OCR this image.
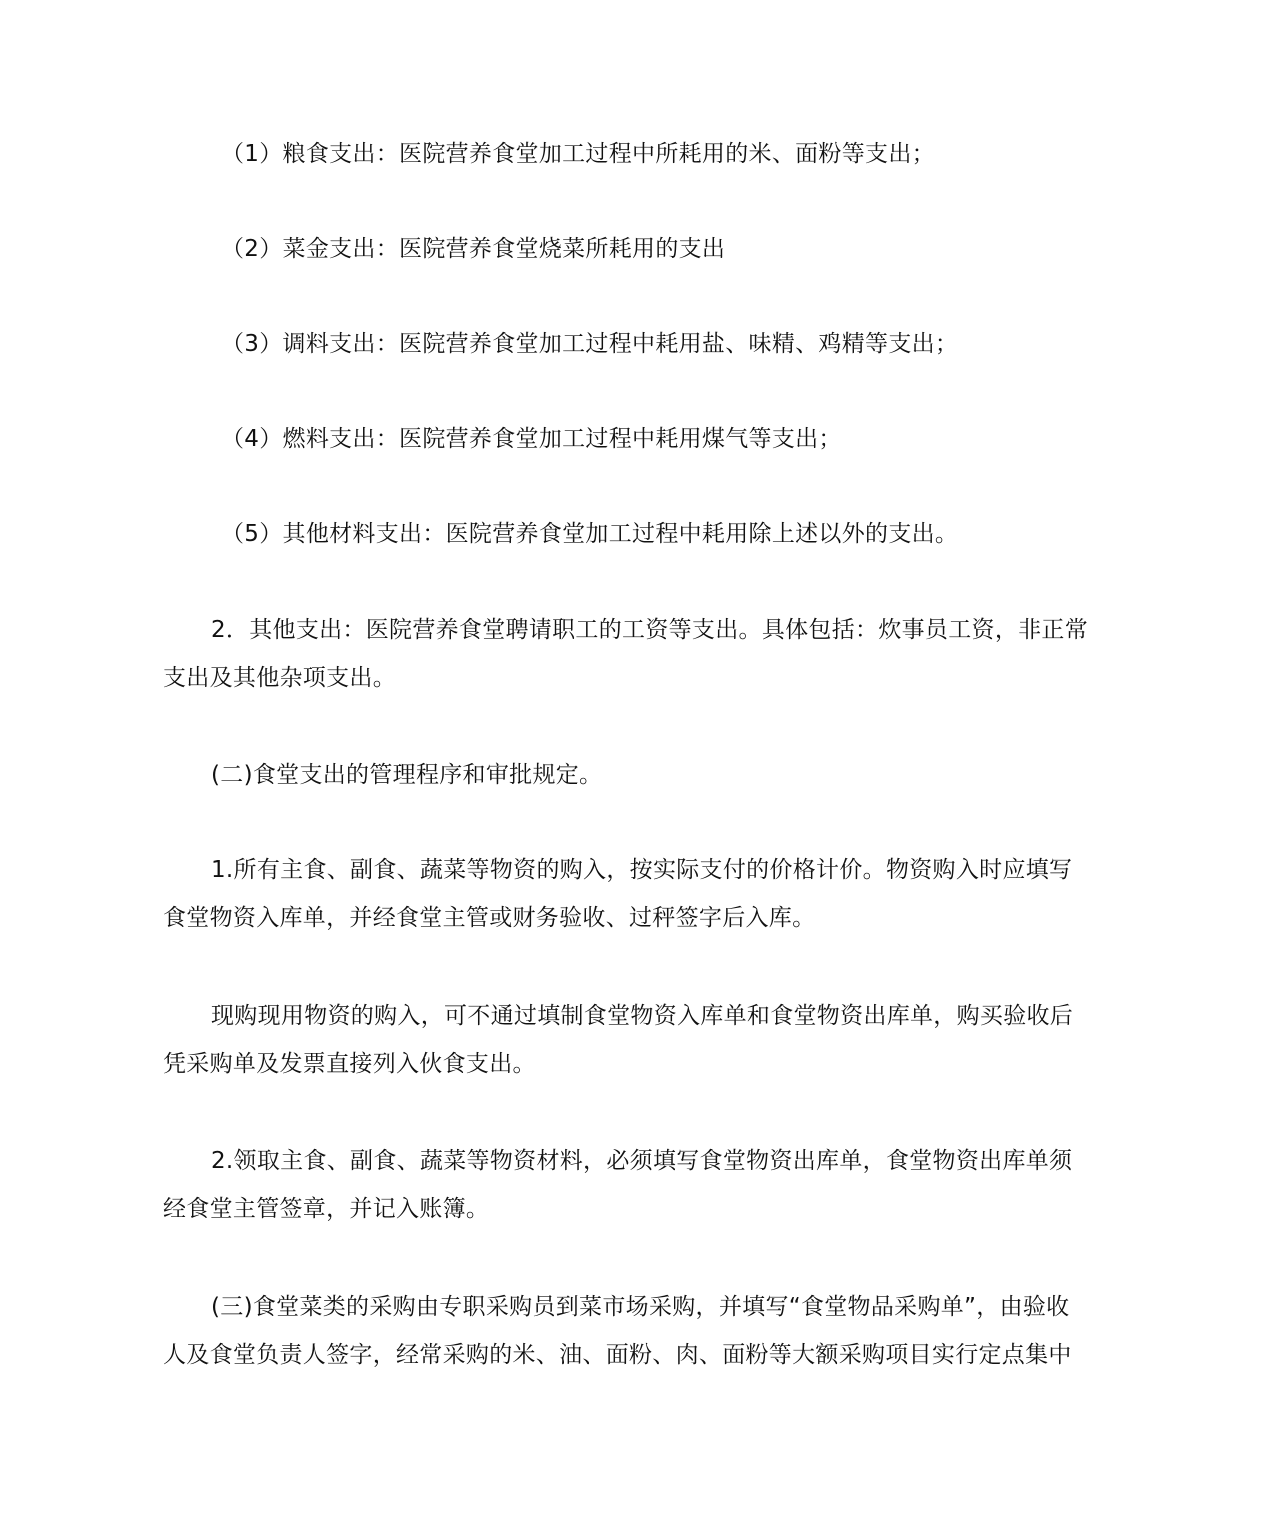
（1）粮食支出：医院营养食堂加工过程中所耗用的米、面粉等支出；
（2）菜金支出：医院营养食堂烧菜所耗用的支出
（3）调料支出：医院营养食堂加工过程中耗用盐、味精、鸡精等支出；
（4）燃料支出：医院营养食堂加工过程中耗用煤气等支出；
（5）其他材料支出：医院营养食堂加工过程中耗用除上述以外的支出。
2．其他支出：医院营养食堂聘请职工的工资等支出。具体包括：炊事员工资，非正常
支出及其他杂项支出。
(二)食堂支出的管理程序和审批规定。
1.所有主食、副食、蔬菜等物资的购入，按实际支付的价格计价。物资购入时应填写
食堂物资入库单，并经食堂主管或财务验收、过秤签字后入库。
现购现用物资的购入，可不通过填制食堂物资入库单和食堂物资出库单，购买验收后
凭采购单及发票直接列入伙食支出。
2.领取主食、副食、蔬菜等物资材料，必须填写食堂物资出库单，食堂物资出库单须
经食堂主管签章，并记入账簿。
(三)食堂菜类的采购由专职采购员到菜市场采购，并填写“食堂物品采购单”，由验收
人及食堂负责人签字，经常采购的米、油、面粉、肉、面粉等大额采购项目实行定点集中
